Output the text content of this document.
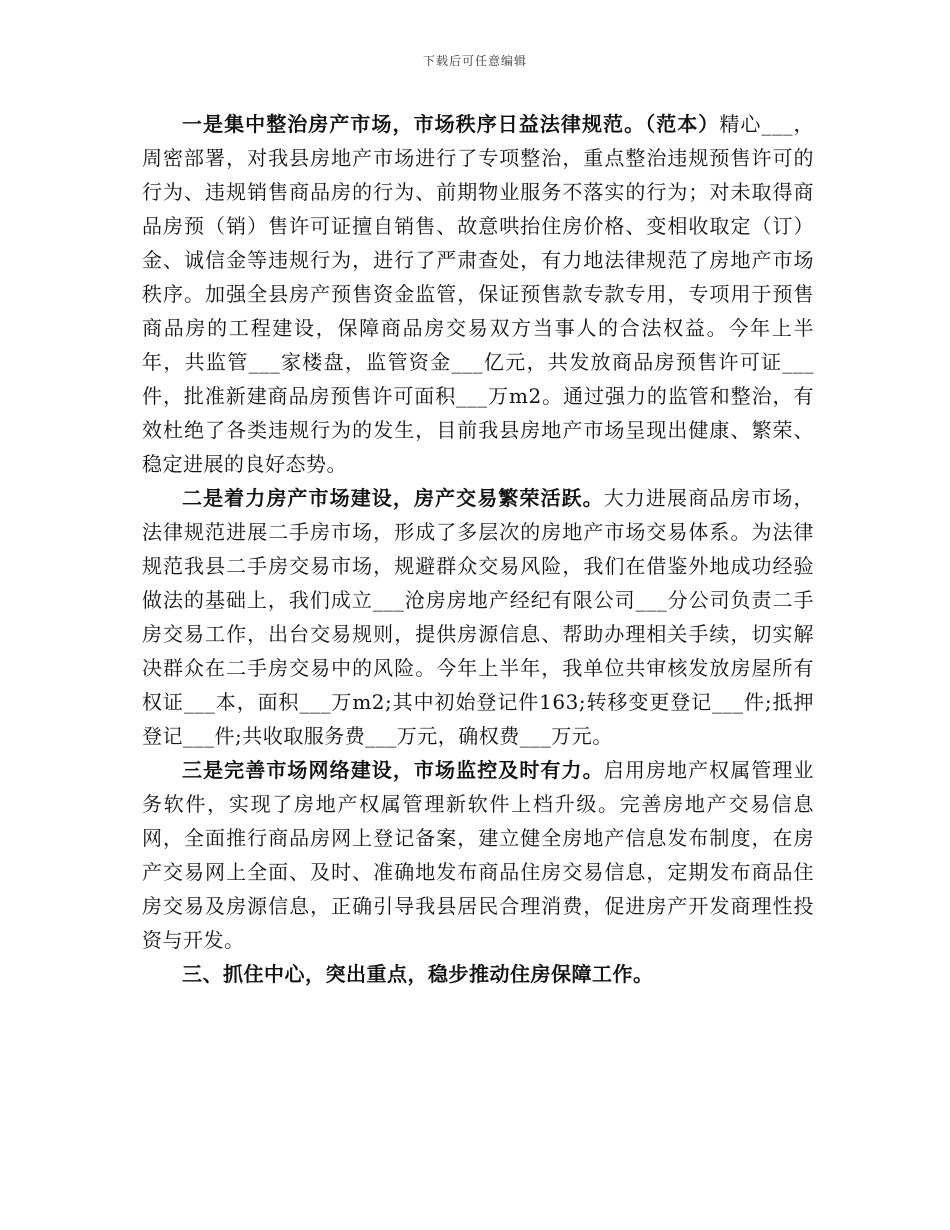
下载后可任意编辑

一是集中整治房产市场，市场秩序日益法律规范。（范本）精心___，周密部署，对我县房地产市场进行了专项整治，重点整治违规预售许可的行为、违规销售商品房的行为、前期物业服务不落实的行为；对未取得商品房预（销）售许可证擅自销售、故意哄抬住房价格、变相收取定（订）金、诚信金等违规行为，进行了严肃查处，有力地法律规范了房地产市场秩序。加强全县房产预售资金监管，保证预售款专款专用，专项用于预售商品房的工程建设，保障商品房交易双方当事人的合法权益。今年上半年，共监管___家楼盘，监管资金___亿元，共发放商品房预售许可证___件，批准新建商品房预售许可面积___万m2。通过强力的监管和整治，有效杜绝了各类违规行为的发生，目前我县房地产市场呈现出健康、繁荣、稳定进展的良好态势。

二是着力房产市场建设，房产交易繁荣活跃。大力进展商品房市场，法律规范进展二手房市场，形成了多层次的房地产市场交易体系。为法律规范我县二手房交易市场，规避群众交易风险，我们在借鉴外地成功经验做法的基础上，我们成立___沧房房地产经纪有限公司___分公司负责二手房交易工作，出台交易规则，提供房源信息、帮助办理相关手续，切实解决群众在二手房交易中的风险。今年上半年，我单位共审核发放房屋所有权证___本，面积___万m2;其中初始登记件163;转移变更登记___件;抵押登记___件;共收取服务费___万元，确权费___万元。

三是完善市场网络建设，市场监控及时有力。启用房地产权属管理业务软件，实现了房地产权属管理新软件上档升级。完善房地产交易信息网，全面推行商品房网上登记备案，建立健全房地产信息发布制度，在房产交易网上全面、及时、准确地发布商品住房交易信息，定期发布商品住房交易及房源信息，正确引导我县居民合理消费，促进房产开发商理性投资与开发。

三、抓住中心，突出重点，稳步推动住房保障工作。
